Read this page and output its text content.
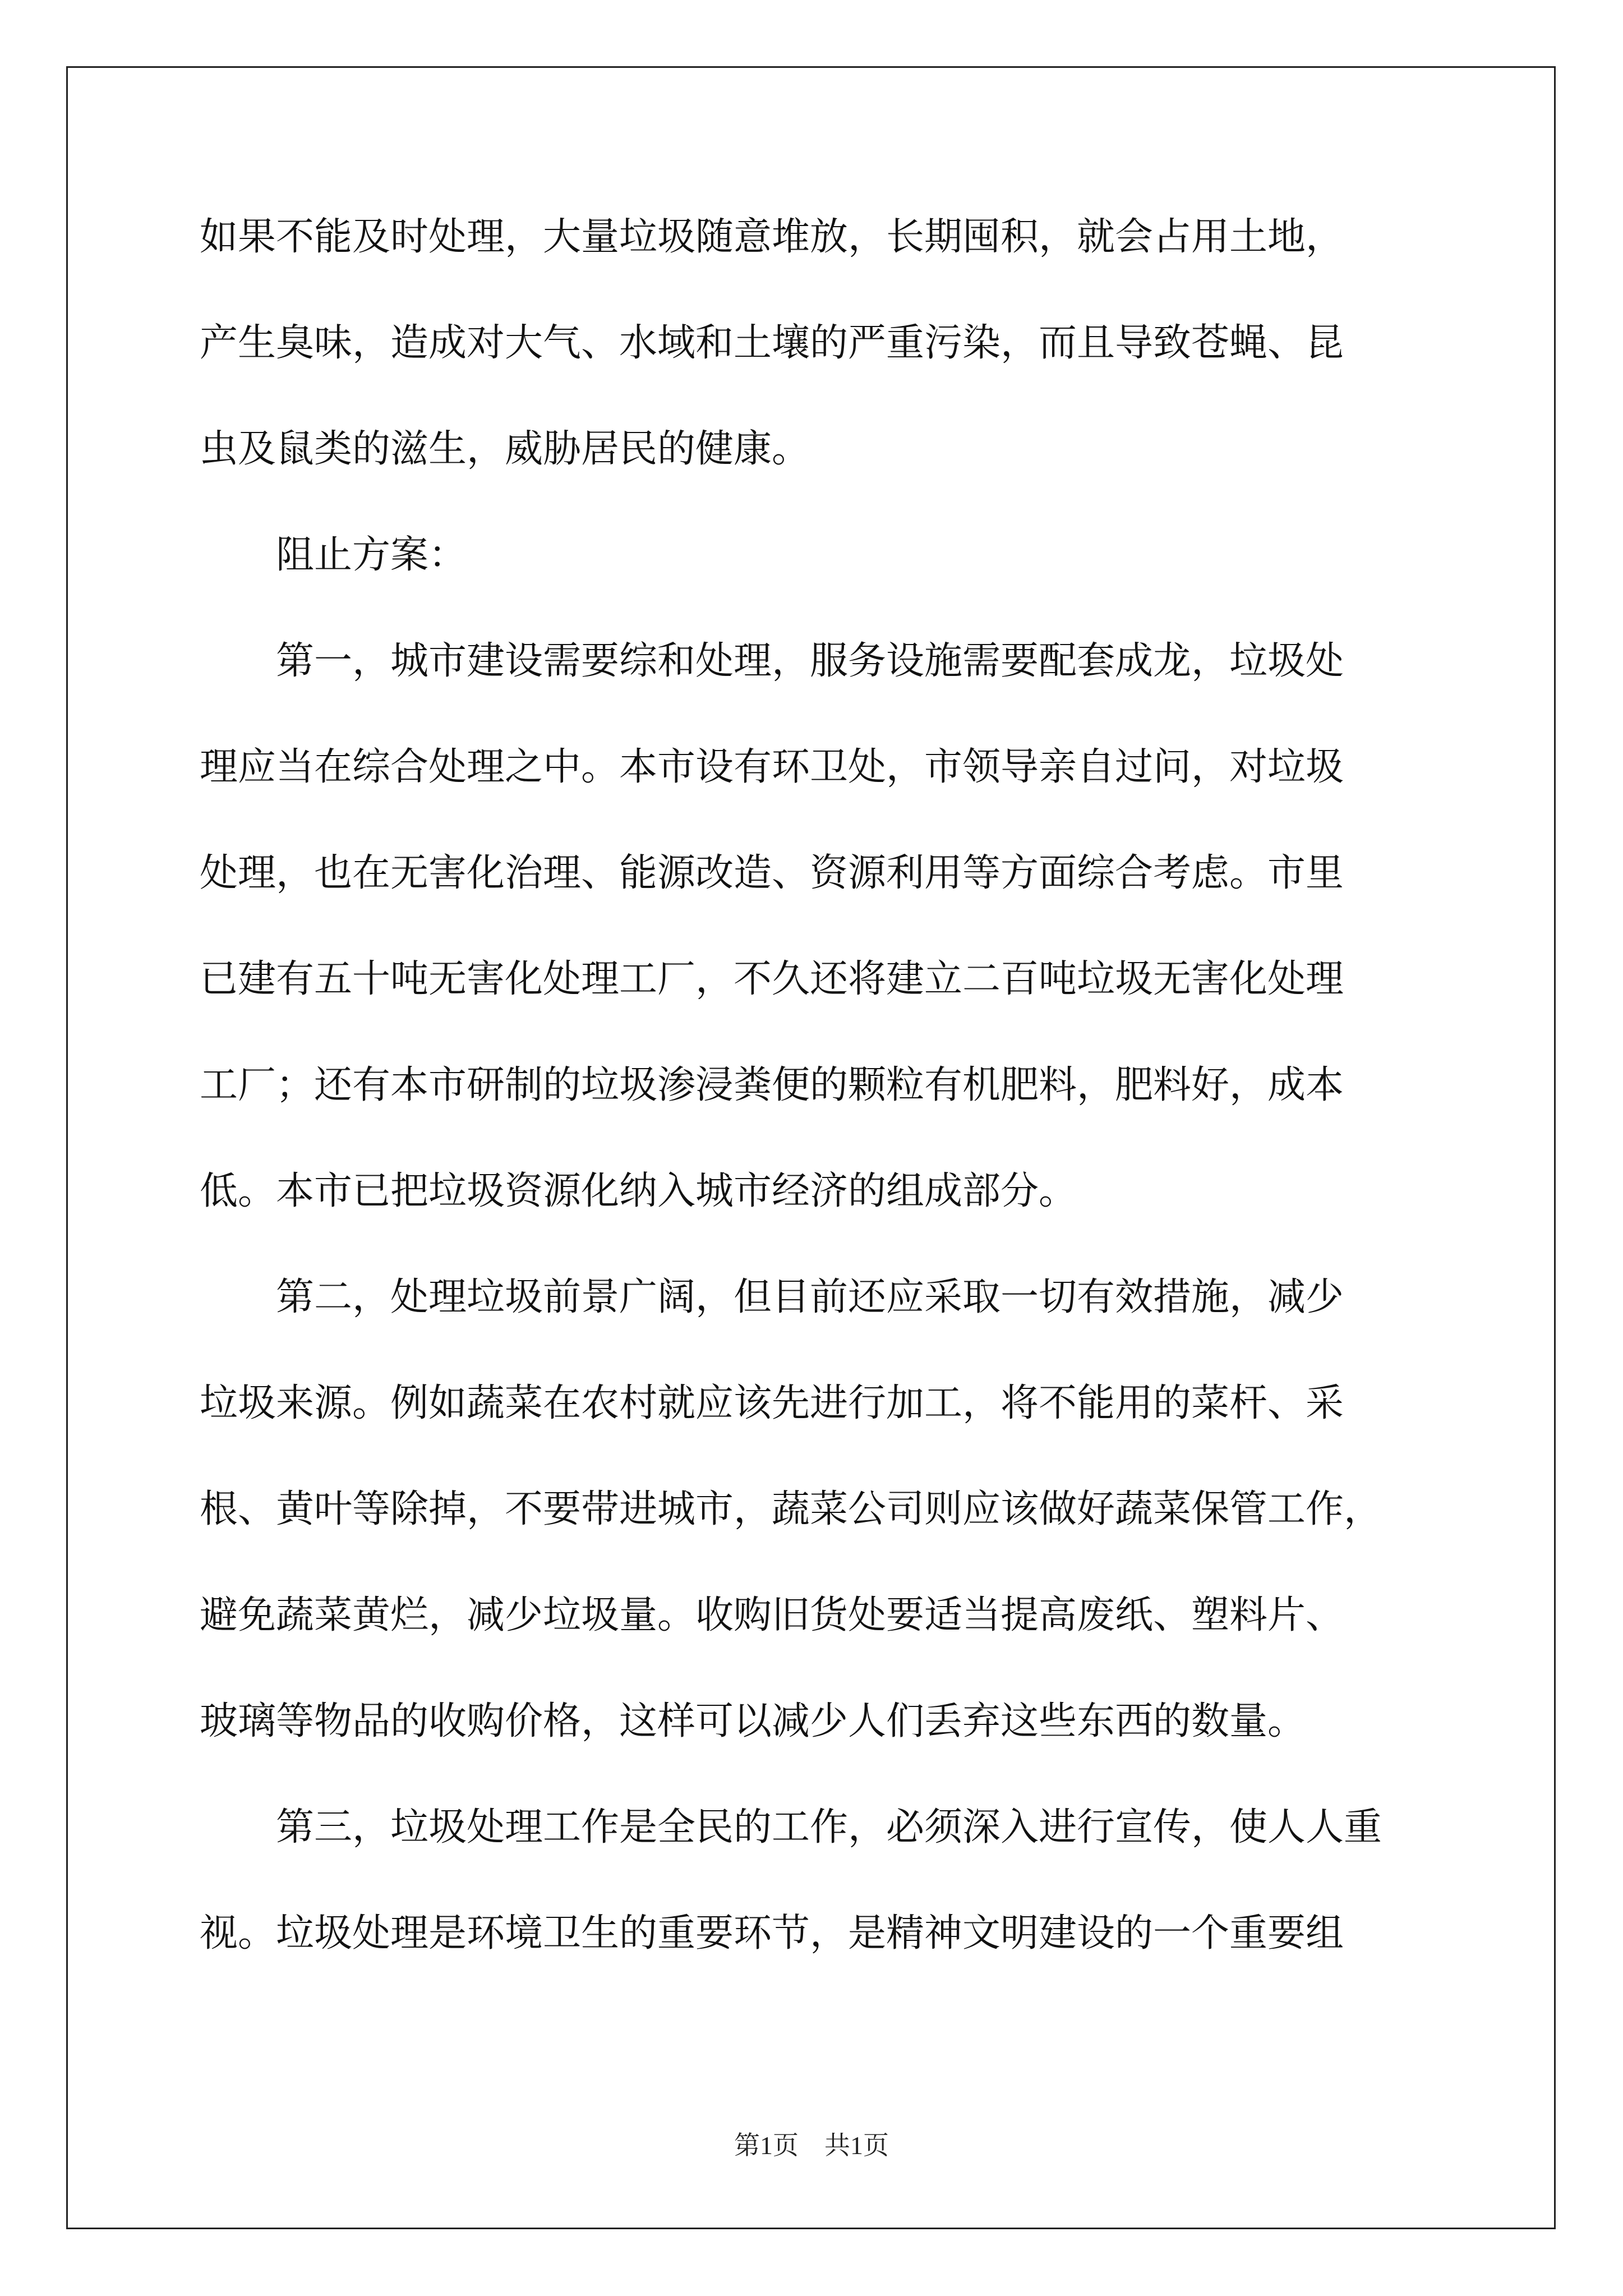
如果不能及时处理，大量垃圾随意堆放，长期囤积，就会占用土地，
产生臭味，造成对大气、水域和土壤的严重污染，而且导致苍蝇、昆
虫及鼠类的滋生，威胁居民的健康。
　　阻止方案：
　　第一，城市建设需要综和处理，服务设施需要配套成龙，垃圾处
理应当在综合处理之中。本市设有环卫处，市领导亲自过问，对垃圾
处理，也在无害化治理、能源改造、资源利用等方面综合考虑。市里
已建有五十吨无害化处理工厂，不久还将建立二百吨垃圾无害化处理
工厂；还有本市研制的垃圾渗浸粪便的颗粒有机肥料，肥料好，成本
低。本市已把垃圾资源化纳入城市经济的组成部分。
　　第二，处理垃圾前景广阔，但目前还应采取一切有效措施，减少
垃圾来源。例如蔬菜在农村就应该先进行加工，将不能用的菜杆、采
根、黄叶等除掉，不要带进城市，蔬菜公司则应该做好蔬菜保管工作，
避免蔬菜黄烂，减少垃圾量。收购旧货处要适当提高废纸、塑料片、
玻璃等物品的收购价格，这样可以减少人们丢弃这些东西的数量。
　　第三，垃圾处理工作是全民的工作，必须深入进行宣传，使人人重
视。垃圾处理是环境卫生的重要环节，是精神文明建设的一个重要组
第1页　共1页
